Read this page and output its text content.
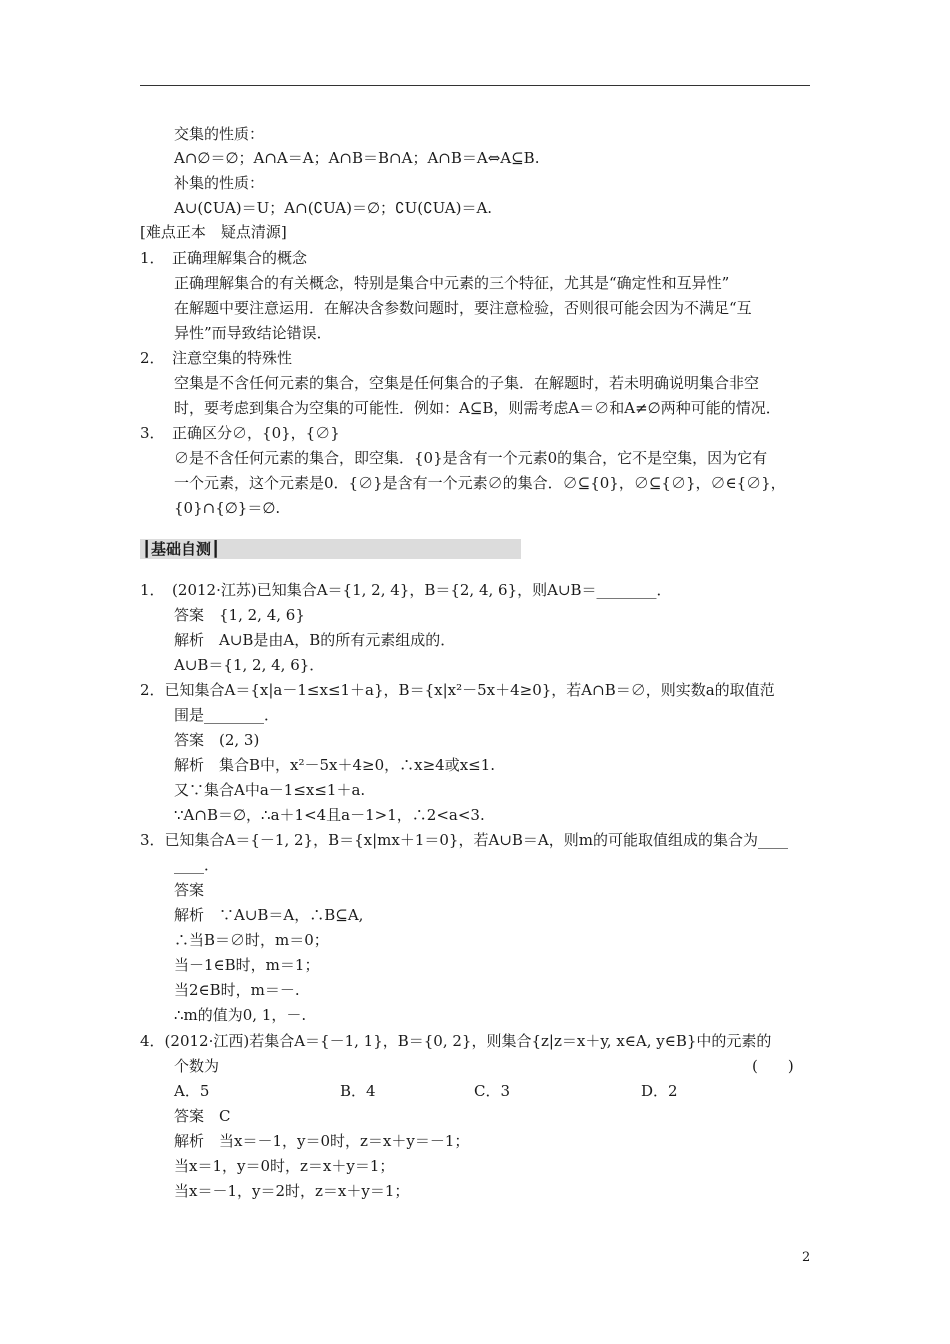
交集的性质：
A∩∅＝∅；A∩A＝A；A∩B＝B∩A；A∩B＝A⇔A⊆B.
补集的性质：
A∪(∁UA)＝U；A∩(∁UA)＝∅；∁U(∁UA)＝A.
[难点正本　疑点清源]
1．　正确理解集合的概念
正确理解集合的有关概念，特别是集合中元素的三个特征，尤其是“确定性和互异性”
在解题中要注意运用．在解决含参数问题时，要注意检验，否则很可能会因为不满足“互
异性”而导致结论错误．
2．　注意空集的特殊性
空集是不含任何元素的集合，空集是任何集合的子集．在解题时，若未明确说明集合非空
时，要考虑到集合为空集的可能性．例如：A⊆B，则需考虑A＝∅和A≠∅两种可能的情况．
3．　正确区分∅，{0}，{∅}
∅是不含任何元素的集合，即空集．{0}是含有一个元素0的集合，它不是空集，因为它有
一个元素，这个元素是0．{∅}是含有一个元素∅的集合．∅⊆{0}，∅⊆{∅}，∅∈{∅}，
{0}∩{∅}＝∅.
┃基础自测┃
1．　(2012·江苏)已知集合A＝{1, 2, 4}，B＝{2, 4, 6}，则A∪B＝________．
答案　{1, 2, 4, 6}
解析　A∪B是由A，B的所有元素组成的．
A∪B＝{1, 2, 4, 6}．
2．已知集合A＝{x|a－1≤x≤1＋a}，B＝{x|x²－5x＋4≥0}，若A∩B＝∅，则实数a的取值范
围是________．
答案　(2, 3)
解析　集合B中，x²－5x＋4≥0，∴x≥4或x≤1.
又∵集合A中a－1≤x≤1＋a.
∵A∩B＝∅，∴a＋1<4且a－1>1，∴2<a<3.
3．已知集合A＝{－1, 2}，B＝{x|mx＋1＝0}，若A∪B＝A，则m的可能取值组成的集合为____
____．
答案
解析　∵A∪B＝A，∴B⊆A,
∴当B＝∅时，m＝0；
当－1∈B时，m＝1；
当2∈B时，m＝－.
∴m的值为0, 1，－.
4．(2012·江西)若集合A＝{－1, 1}，B＝{0, 2}，则集合{z|z＝x＋y, x∈A, y∈B}中的元素的
个数为	(　　)
A．5	B．4	C．3	D．2
答案　C
解析　当x＝－1，y＝0时，z＝x＋y＝－1；
当x＝1，y＝0时，z＝x＋y＝1；
当x＝－1，y＝2时，z＝x＋y＝1；
2
